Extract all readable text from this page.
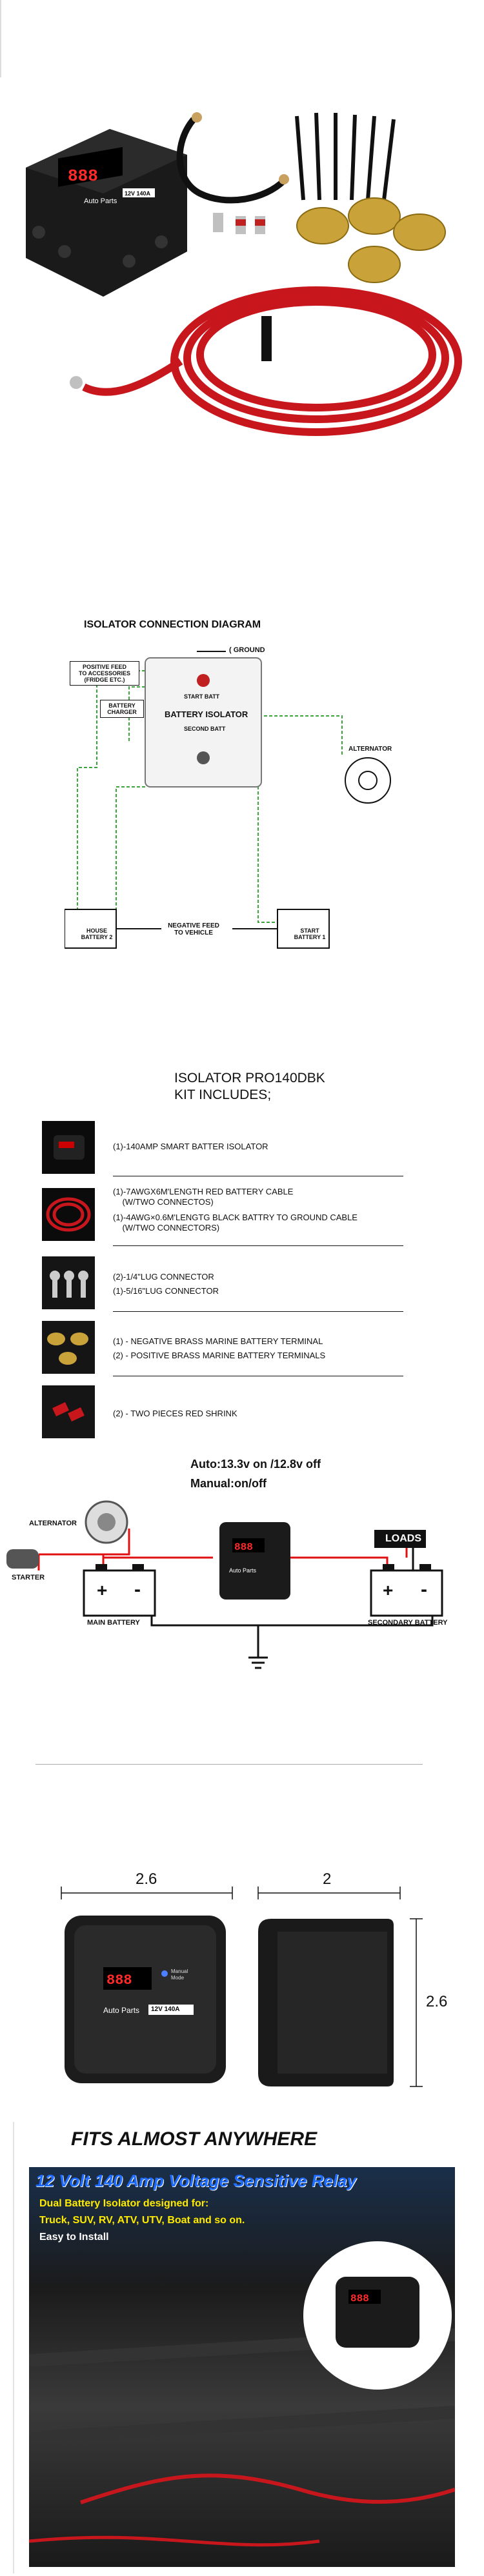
888
Auto Parts
12V 140A
ISOLATOR CONNECTION DIAGRAM
( GROUND
POSITIVE FEED
TO ACCESSORIES
(FRIDGE ETC.)
BATTERY
CHARGER
START BATT
BATTERY ISOLATOR
SECOND BATT
ALTERNATOR
HOUSE
BATTERY 2
NEGATIVE FEED
TO VEHICLE	START
BATTERY 1
ISOLATOR PRO140DBK
KIT INCLUDES;
(1)-140AMP SMART BATTER ISOLATOR
(1)-7AWGX6M'LENGTH RED BATTERY CABLE
(W/TWO CONNECTOS)
(1)-4AWG×0.6M'LENGTG BLACK BATTRY TO GROUND CABLE
(W/TWO CONNECTORS)
(2)-1/4"LUG CONNECTOR
(1)-5/16"LUG CONNECTOR
(1) - NEGATIVE BRASS MARINE BATTERY TERMINAL
(2) - POSITIVE BRASS MARINE BATTERY TERMINALS
(2) - TWO PIECES RED SHRINK
Auto:13.3v on /12.8v off
Manual:on/off
888
ALTERNATOR
STARTER
+ -
MAIN BATTERY
Auto Parts
LOADS
+ -
SECONDARY BATTERY
888
2.6	2
2.6
Manual
Mode
Auto Parts 12V 140A
FITS ALMOST ANYWHERE
888
12 Volt 140 Amp Voltage Sensitive Relay
Dual Battery Isolator designed for:
Truck, SUV, RV, ATV, UTV, Boat and so on.
Easy to Install
